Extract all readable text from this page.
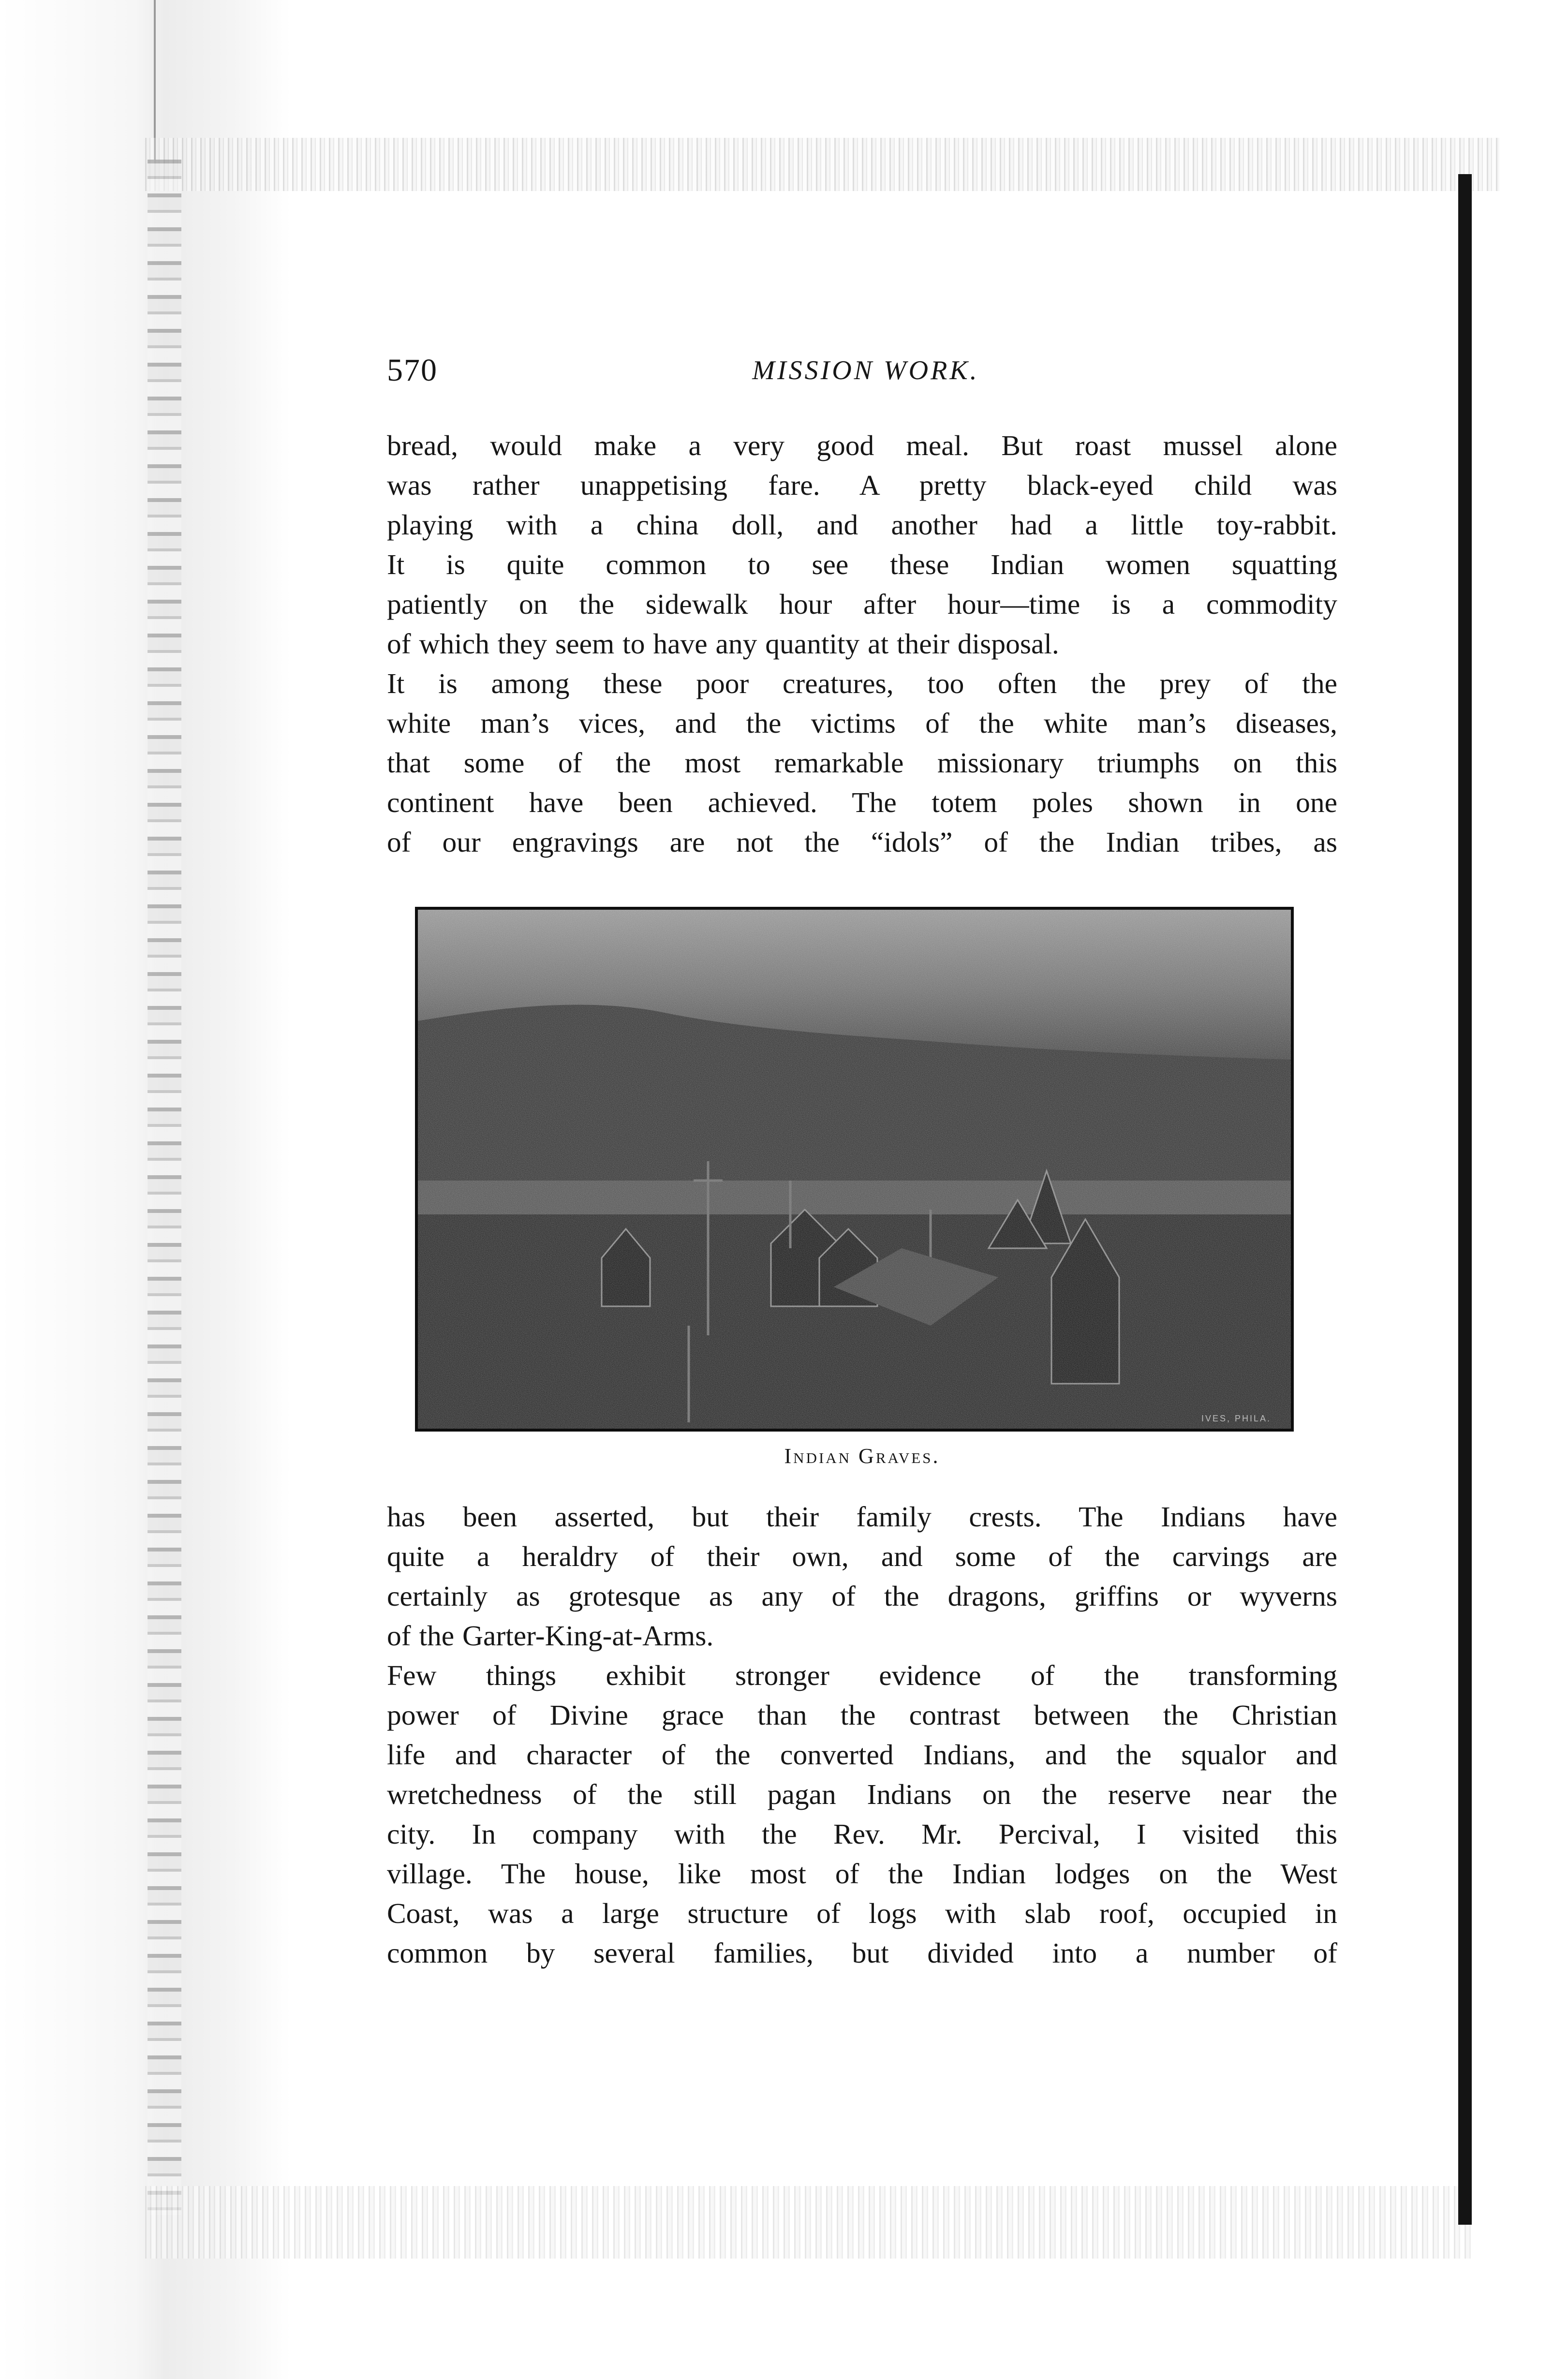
570	MISSION WORK.
bread, would make a very good meal. But roast mussel alone
was rather unappetising fare. A pretty black-eyed child was
playing with a china doll, and another had a little toy-rabbit.
It is quite common to see these Indian women squatting
patiently on the sidewalk hour after hour—time is a commodity
of which they seem to have any quantity at their disposal.
It is among these poor creatures, too often the prey of the
white man’s vices, and the victims of the white man’s diseases,
that some of the most remarkable missionary triumphs on this
continent have been achieved. The totem poles shown in one
of our engravings are not the “idols” of the Indian tribes, as
IVES, PHILA.
Indian Graves.
has been asserted, but their family crests. The Indians have
quite a heraldry of their own, and some of the carvings are
certainly as grotesque as any of the dragons, griffins or wyverns
of the Garter-King-at-Arms.
Few things exhibit stronger evidence of the transforming
power of Divine grace than the contrast between the Christian
life and character of the converted Indians, and the squalor and
wretchedness of the still pagan Indians on the reserve near the
city. In company with the Rev. Mr. Percival, I visited this
village. The house, like most of the Indian lodges on the West
Coast, was a large structure of logs with slab roof, occupied in
common by several families, but divided into a number of
